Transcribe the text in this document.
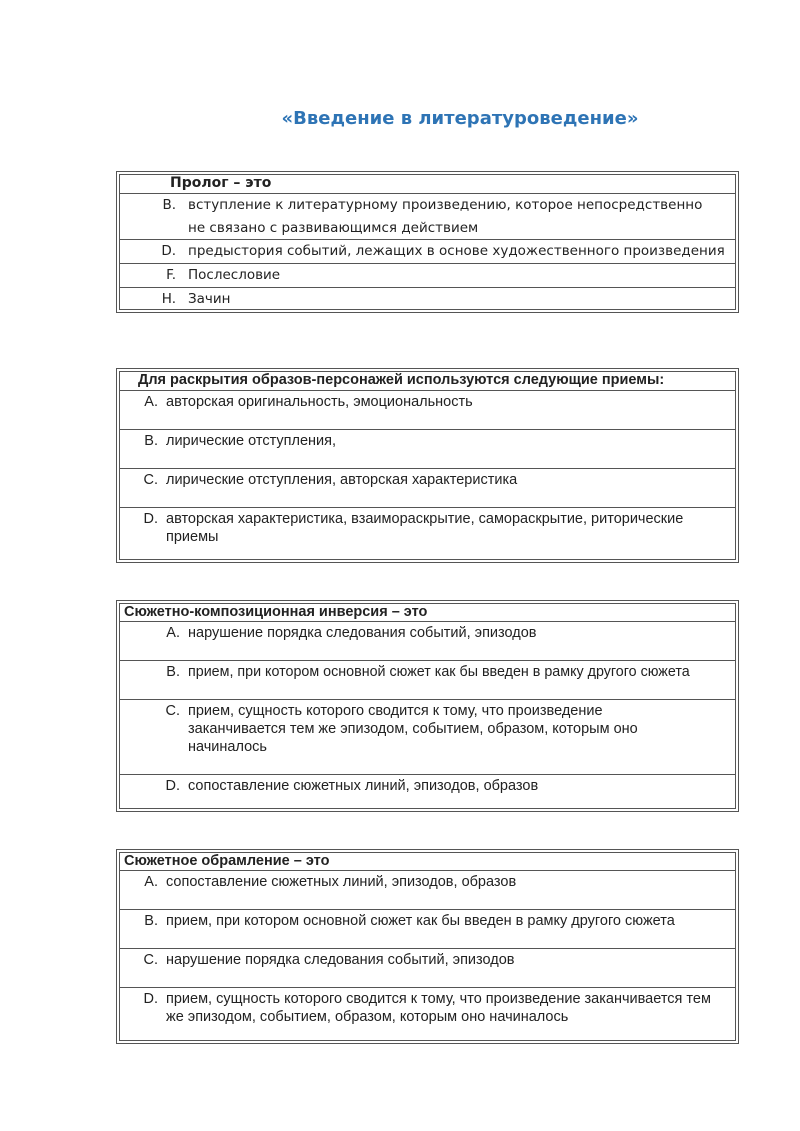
«Введение в литературоведение»
Пролог – это
B. вступление к литературному произведению, которое непосредственно не связано с развивающимся действием
D. предыстория событий, лежащих в основе художественного произведения
F. Послесловие
H. Зачин
Для раскрытия образов-персонажей используются следующие приемы:
A. авторская оригинальность, эмоциональность
B. лирические отступления,
C. лирические отступления, авторская характеристика
D. авторская характеристика, взаимораскрытие, самораскрытие, риторические приемы
Сюжетно-композиционная инверсия – это
A. нарушение порядка следования событий, эпизодов
B. прием, при котором основной сюжет как бы введен в рамку другого сюжета
C. прием, сущность которого сводится к тому, что произведение заканчивается тем же эпизодом, событием, образом, которым оно начиналось
D. сопоставление сюжетных линий, эпизодов, образов
Сюжетное обрамление – это
A. сопоставление сюжетных линий, эпизодов, образов
B. прием, при котором основной сюжет как бы введен в рамку другого сюжета
C. нарушение порядка следования событий, эпизодов
D. прием, сущность которого сводится к тому, что произведение заканчивается тем же эпизодом, событием, образом, которым оно начиналось
